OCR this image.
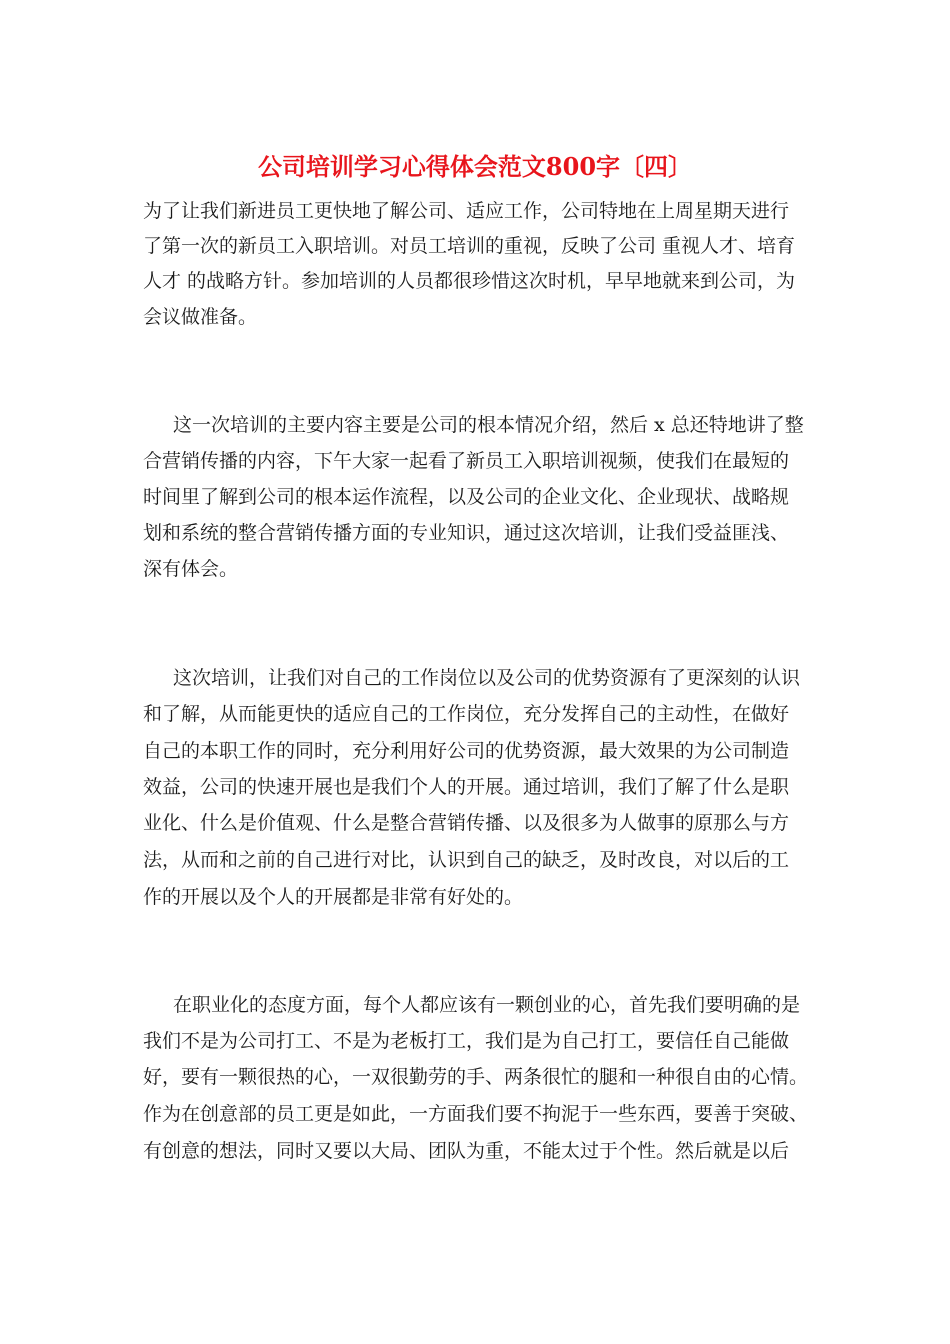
公司培训学习心得体会范文800字〔四〕

为了让我们新进员工更快地了解公司、适应工作，公司特地在上周星期天进行

了第一次的新员工入职培训。对员工培训的重视，反映了公司 重视人才、培育

人才 的战略方针。参加培训的人员都很珍惜这次时机，早早地就来到公司，为

会议做准备。

这一次培训的主要内容主要是公司的根本情况介绍，然后 x 总还特地讲了整

合营销传播的内容，下午大家一起看了新员工入职培训视频，使我们在最短的

时间里了解到公司的根本运作流程，以及公司的企业文化、企业现状、战略规

划和系统的整合营销传播方面的专业知识，通过这次培训，让我们受益匪浅、

深有体会。

这次培训，让我们对自己的工作岗位以及公司的优势资源有了更深刻的认识

和了解，从而能更快的适应自己的工作岗位，充分发挥自己的主动性，在做好

自己的本职工作的同时，充分利用好公司的优势资源，最大效果的为公司制造

效益，公司的快速开展也是我们个人的开展。通过培训，我们了解了什么是职

业化、什么是价值观、什么是整合营销传播、以及很多为人做事的原那么与方

法，从而和之前的自己进行对比，认识到自己的缺乏，及时改良，对以后的工

作的开展以及个人的开展都是非常有好处的。

在职业化的态度方面，每个人都应该有一颗创业的心，首先我们要明确的是

我们不是为公司打工、不是为老板打工，我们是为自己打工，要信任自己能做

好，要有一颗很热的心，一双很勤劳的手、两条很忙的腿和一种很自由的心情。

作为在创意部的员工更是如此，一方面我们要不拘泥于一些东西，要善于突破、

有创意的想法，同时又要以大局、团队为重，不能太过于个性。然后就是以后
